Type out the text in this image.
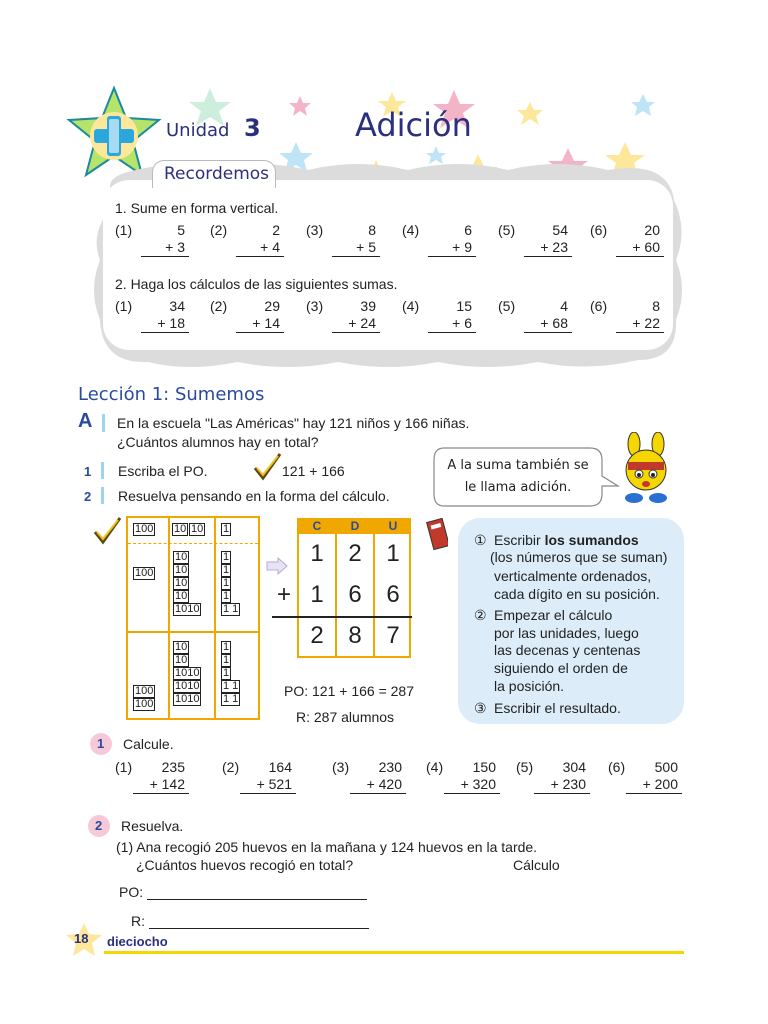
Unidad 3	Adición
Recordemos
1. Sume en forma vertical.
(1)	5
+ 3
(2)	2
+ 4
(3)	8
+ 5
(4)	6
+ 9
(5)	54
+ 23
(6)	20
+ 60
2. Haga los cálculos de las siguientes sumas.
(1)	34
+ 18
(2)	29
+ 14
(3)	39
+ 24
(4)	15
+ 6
(5)	4
+ 68
(6)	8
+ 22
Lección 1: Sumemos
A En la escuela "Las Américas" hay 121 niños y 166 niñas.
¿Cuántos alumnos hay en total?
1 Escriba el PO.	121 + 166
2 Resuelva pensando en la forma del cálculo.
A la suma también se
le llama adición.
100 10 10 1
100
10	1
10	1
10	1
10	1
1010 1 1
10	1
10	1
1010 1
1010 1 1
1010 1 1
100
100
C	D	U
1	2	1
+ 1	6	6
2	8	7
PO: 121 + 166 = 287
R: 287 alumnos
① Escribir los sumandos
(los números que se suman)
verticalmente ordenados,
cada dígito en su posición.
② Empezar el cálculo
por las unidades, luego
las decenas y centenas
siguiendo el orden de
la posición.
③ Escribir el resultado.
1 Calcule.
(1) 235
+ 142
(2) 164
+ 521
(3) 230
+ 420
(4) 150
+ 320
(5) 304
+ 230
(6) 500
+ 200
2 Resuelva.
(1) Ana recogió 205 huevos en la mañana y 124 huevos en la tarde.
¿Cuántos huevos recogió en total?	Cálculo
PO:
R:
18 dieciocho
